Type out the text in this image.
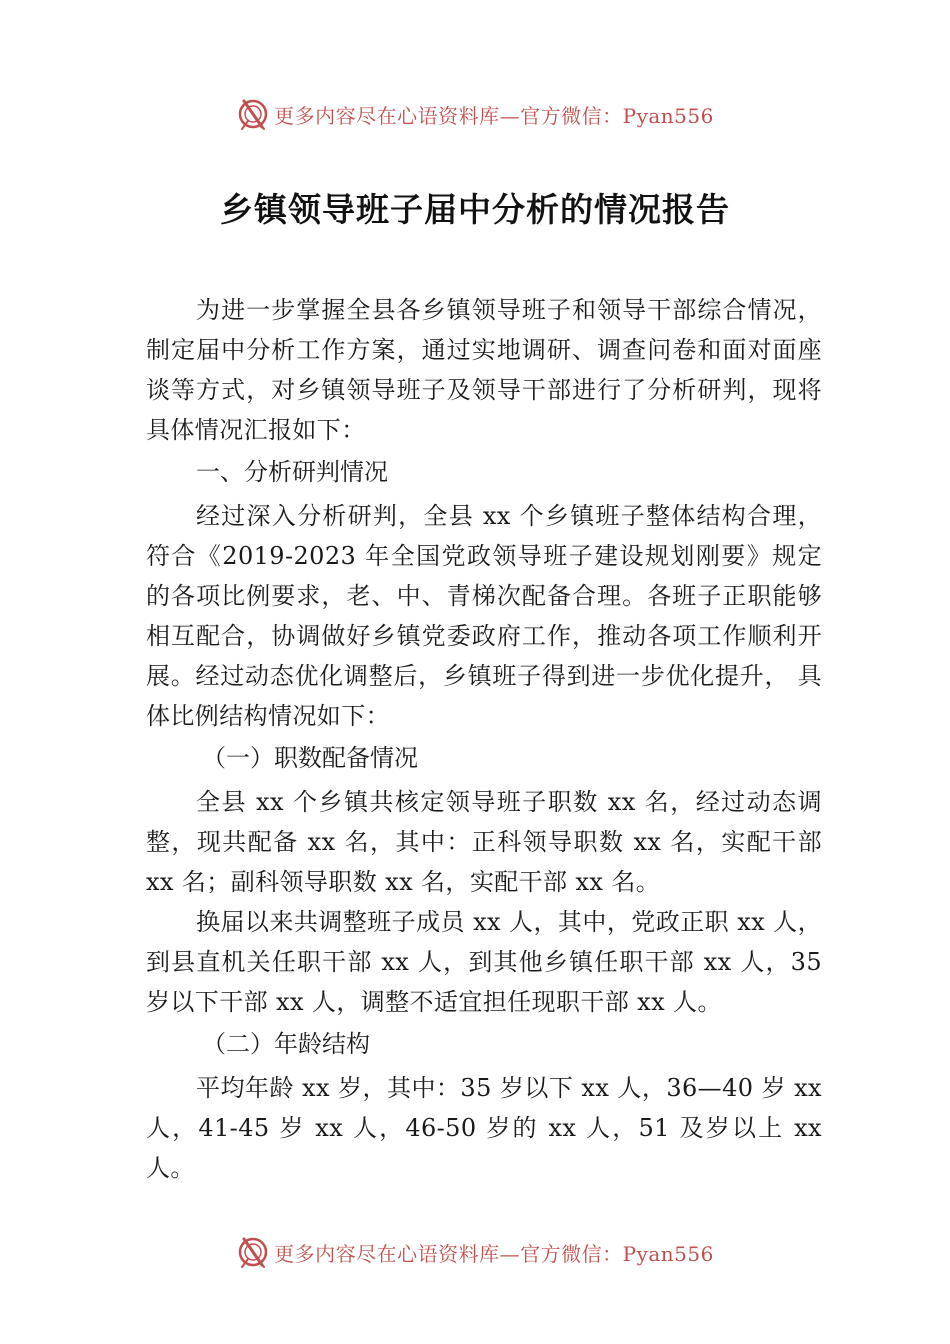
更多内容尽在心语资料库—官方微信：Pyan556
乡镇领导班子届中分析的情况报告

为进一步掌握全县各乡镇领导班子和领导干部综合情况，制定届中分析工作方案，通过实地调研、调查问卷和面对面座谈等方式，对乡镇领导班子及领导干部进行了分析研判，现将具体情况汇报如下：

一、分析研判情况

经过深入分析研判，全县 xx 个乡镇班子整体结构合理，符合《2019-2023 年全国党政领导班子建设规划刚要》规定的各项比例要求，老、中、青梯次配备合理。各班子正职能够相互配合，协调做好乡镇党委政府工作，推动各项工作顺利开展。经过动态优化调整后，乡镇班子得到进一步优化提升， 具体比例结构情况如下：

（一）职数配备情况

全县 xx 个乡镇共核定领导班子职数 xx 名，经过动态调整，现共配备 xx 名，其中：正科领导职数 xx 名，实配干部 xx 名；副科领导职数 xx 名，实配干部 xx 名。

换届以来共调整班子成员 xx 人，其中，党政正职 xx 人， 到县直机关任职干部 xx 人，到其他乡镇任职干部 xx 人，35 岁以下干部 xx 人，调整不适宜担任现职干部 xx 人。

（二）年龄结构

平均年龄 xx 岁，其中：35 岁以下 xx 人，36—40 岁 xx 人，41-45 岁 xx 人，46-50 岁的 xx 人，51 及岁以上 xx 人。

更多内容尽在心语资料库—官方微信：Pyan556
